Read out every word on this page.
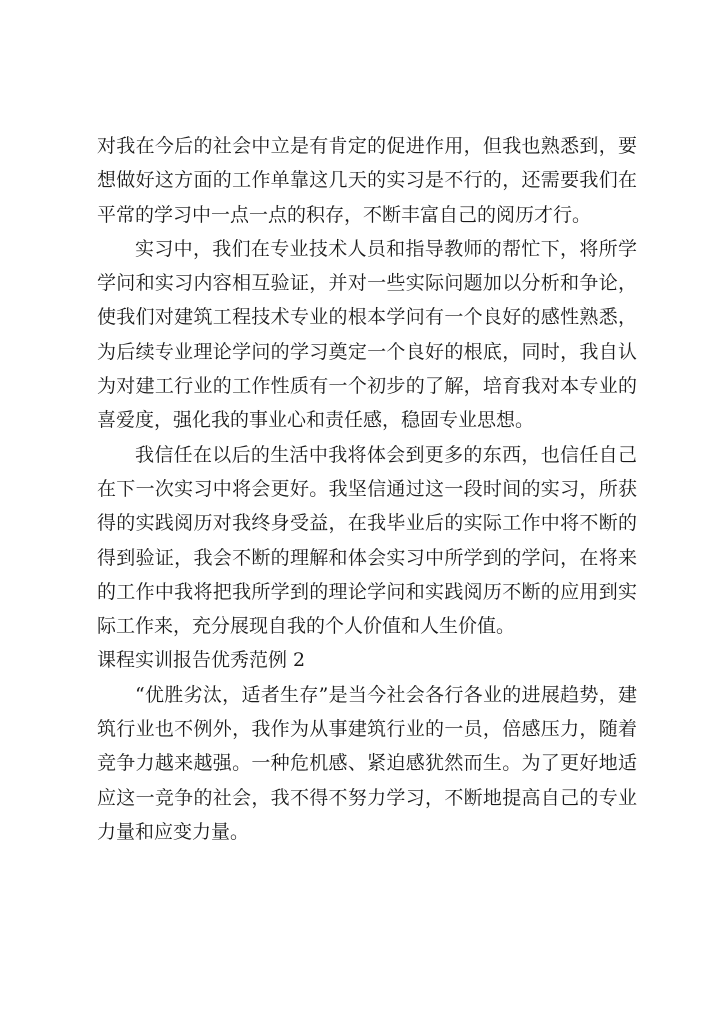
对我在今后的社会中立是有肯定的促进作用，但我也熟悉到，要想做好这方面的工作单靠这几天的实习是不行的，还需要我们在平常的学习中一点一点的积存，不断丰富自己的阅历才行。

实习中，我们在专业技术人员和指导教师的帮忙下，将所学学问和实习内容相互验证，并对一些实际问题加以分析和争论，使我们对建筑工程技术专业的根本学问有一个良好的感性熟悉，为后续专业理论学问的学习奠定一个良好的根底，同时，我自认为对建工行业的工作性质有一个初步的了解，培育我对本专业的喜爱度，强化我的事业心和责任感，稳固专业思想。

我信任在以后的生活中我将体会到更多的东西，也信任自己在下一次实习中将会更好。我坚信通过这一段时间的实习，所获得的实践阅历对我终身受益，在我毕业后的实际工作中将不断的得到验证，我会不断的理解和体会实习中所学到的学问，在将来的工作中我将把我所学到的理论学问和实践阅历不断的应用到实际工作来，充分展现自我的个人价值和人生价值。

课程实训报告优秀范例 2

“优胜劣汰，适者生存”是当今社会各行各业的进展趋势，建筑行业也不例外，我作为从事建筑行业的一员，倍感压力，随着竞争力越来越强。一种危机感、紧迫感犹然而生。为了更好地适应这一竞争的社会，我不得不努力学习，不断地提高自己的专业力量和应变力量。
